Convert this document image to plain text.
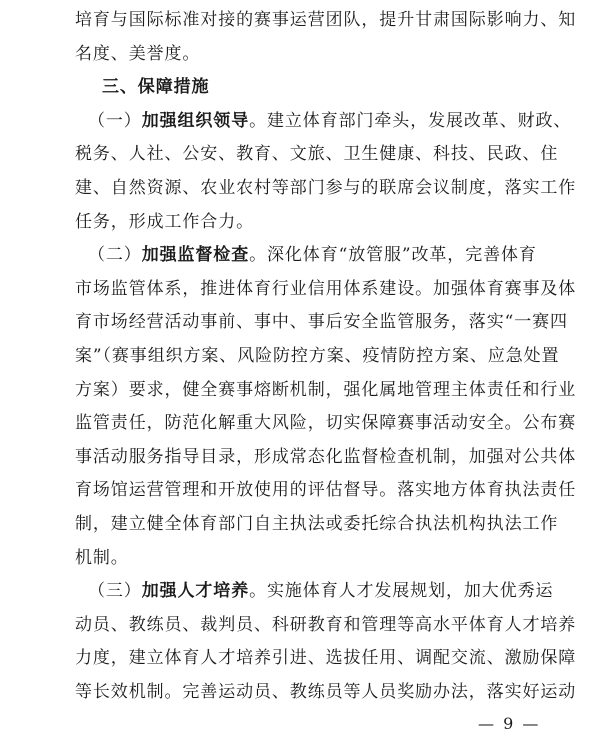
培育与国际标准对接的赛事运营团队，提升甘肃国际影响力、知
名度、美誉度。
三、保障措施
（一）加强组织领导。建立体育部门牵头，发展改革、财政、
税务、人社、公安、教育、文旅、卫生健康、科技、民政、住
建、自然资源、农业农村等部门参与的联席会议制度，落实工作
任务，形成工作合力。
（二）加强监督检查。深化体育“放管服”改革，完善体育
市场监管体系，推进体育行业信用体系建设。加强体育赛事及体
育市场经营活动事前、事中、事后安全监管服务，落实“一赛四
案”（赛事组织方案、风险防控方案、疫情防控方案、应急处置
方案）要求，健全赛事熔断机制，强化属地管理主体责任和行业
监管责任，防范化解重大风险，切实保障赛事活动安全。公布赛
事活动服务指导目录，形成常态化监督检查机制，加强对公共体
育场馆运营管理和开放使用的评估督导。落实地方体育执法责任
制，建立健全体育部门自主执法或委托综合执法机构执法工作
机制。
（三）加强人才培养。实施体育人才发展规划，加大优秀运
动员、教练员、裁判员、科研教育和管理等高水平体育人才培养
力度，建立体育人才培养引进、选拔任用、调配交流、激励保障
等长效机制。完善运动员、教练员等人员奖励办法，落实好运动
— 9 —
